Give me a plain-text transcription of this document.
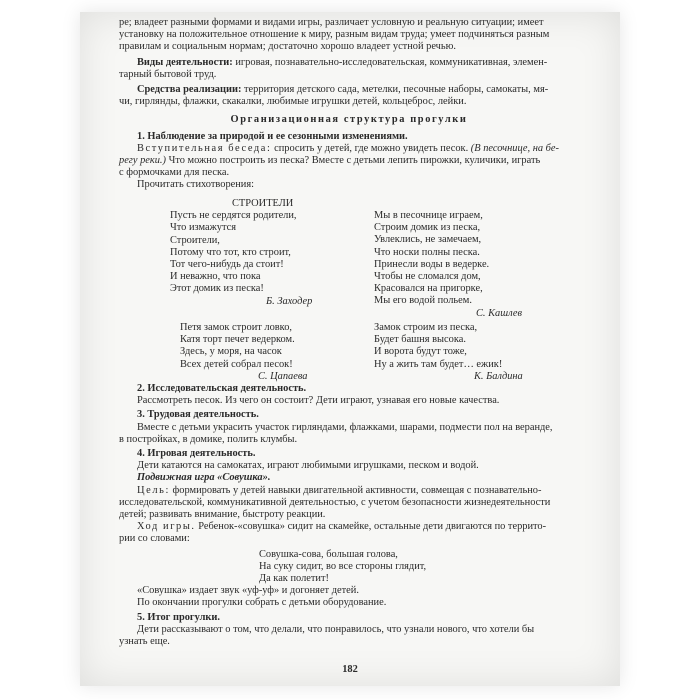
ре; владеет разными формами и видами игры, различает условную и реальную ситуации; имеет

установку на положительное отношение к миру, разным видам труда; умеет подчиняться разным

правилам и социальным нормам; достаточно хорошо владеет устной речью.

Виды деятельности: игровая, познавательно-исследовательская, коммуникативная, элемен-

тарный бытовой труд.

Средства реализации: территория детского сада, метелки, песочные наборы, самокаты, мя-

чи, гирлянды, флажки, скакалки, любимые игрушки детей, кольцеброс, лейки.

Организационная структура прогулки

1. Наблюдение за природой и ее сезонными изменениями.

Вступительная беседа: спросить у детей, где можно увидеть песок. (В песочнице, на бе-

регу реки.) Что можно построить из песка? Вместе с детьми лепить пирожки, куличики, играть

с формочками для песка.

Прочитать стихотворения:

СТРОИТЕЛИ
Пусть не сердятся родители,
Что измажутся
Строители,
Потому что тот, кто строит,
Тот чего-нибудь да стоит!
И неважно, что пока
Этот домик из песка!
Б. Заходер
Мы в песочнице играем,
Строим домик из песка,
Увлеклись, не замечаем,
Что носки полны песка.
Принесли воды в ведерке.
Чтобы не сломался дом,
Красовался на пригорке,
Мы его водой польем.
С. Кашлев
Петя замок строит ловко,
Катя торт печет ведерком.
Здесь, у моря, на часок
Всех детей собрал песок!
С. Цапаева
Замок строим из песка,
Будет башня высока.
И ворота будут тоже,
Ну а жить там будет… ежик!
К. Балдина

2. Исследовательская деятельность.

Рассмотреть песок. Из чего он состоит? Дети играют, узнавая его новые качества.

3. Трудовая деятельность.

Вместе с детьми украсить участок гирляндами, флажками, шарами, подмести пол на веранде,

в постройках, в домике, полить клумбы.

4. Игровая деятельность.

Дети катаются на самокатах, играют любимыми игрушками, песком и водой.

Подвижная игра «Совушка».

Цель: формировать у детей навыки двигательной активности, совмещая с познавательно-

исследовательской, коммуникативной деятельностью, с учетом безопасности жизнедеятельности

детей; развивать внимание, быстроту реакции.

Ход игры. Ребенок-«совушка» сидит на скамейке, остальные дети двигаются по террито-

рии со словами:

Совушка-сова, большая голова,

На суку сидит, во все стороны глядит,

Да как полетит!

«Совушка» издает звук «уф-уф» и догоняет детей.

По окончании прогулки собрать с детьми оборудование.

5. Итог прогулки.

Дети рассказывают о том, что делали, что понравилось, что узнали нового, что хотели бы

узнать еще.

182
